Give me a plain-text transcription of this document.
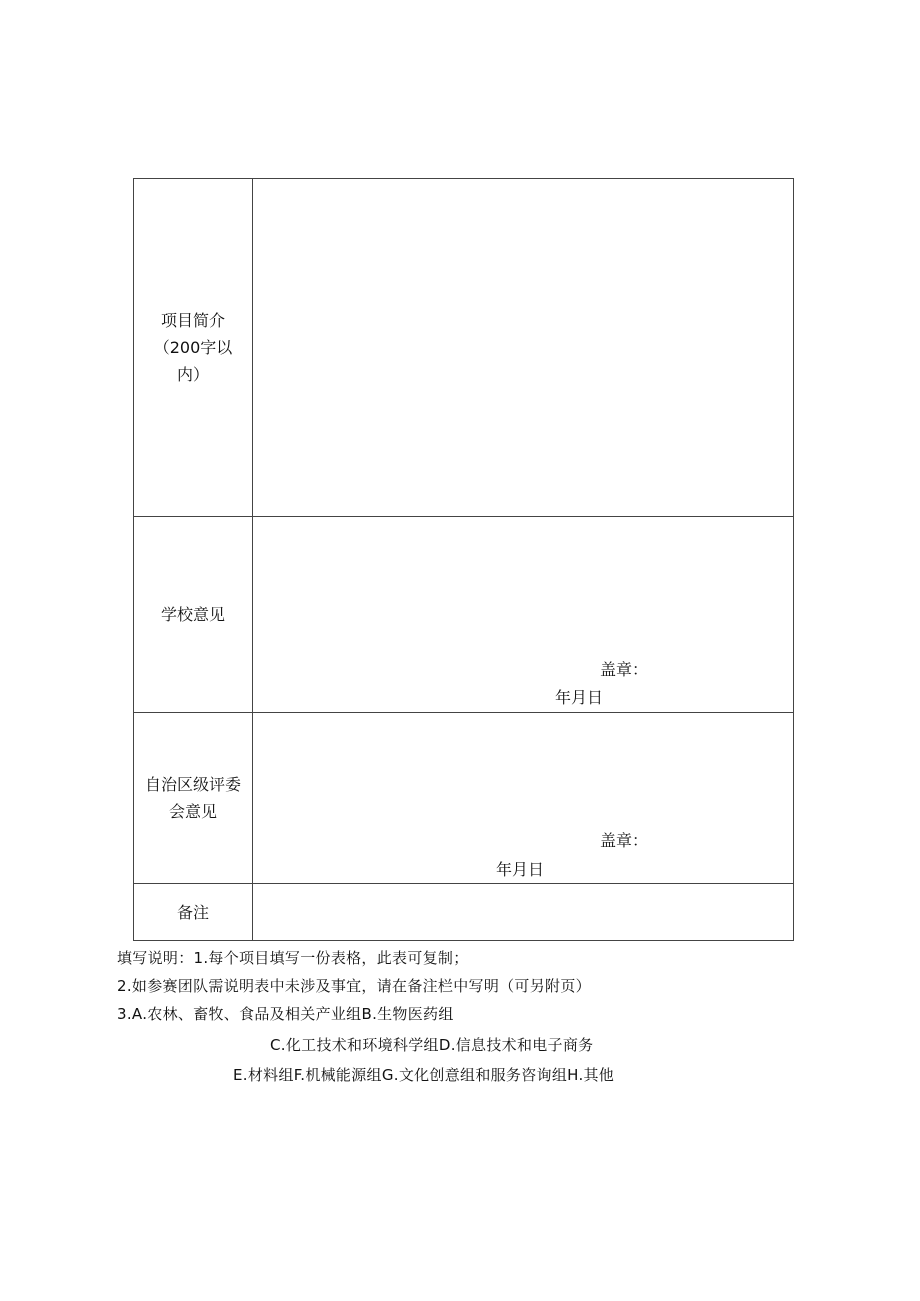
项目简介
（200字以
内）
学校意见
盖章：
年月日
自治区级评委
会意见
盖章：
年月日
备注
填写说明：1.每个项目填写一份表格，此表可复制；
2.如参赛团队需说明表中未涉及事宜，请在备注栏中写明（可另附页）
3.A.农林、畜牧、食品及相关产业组B.生物医药组
C.化工技术和环境科学组D.信息技术和电子商务
E.材料组F.机械能源组G.文化创意组和服务咨询组H.其他
